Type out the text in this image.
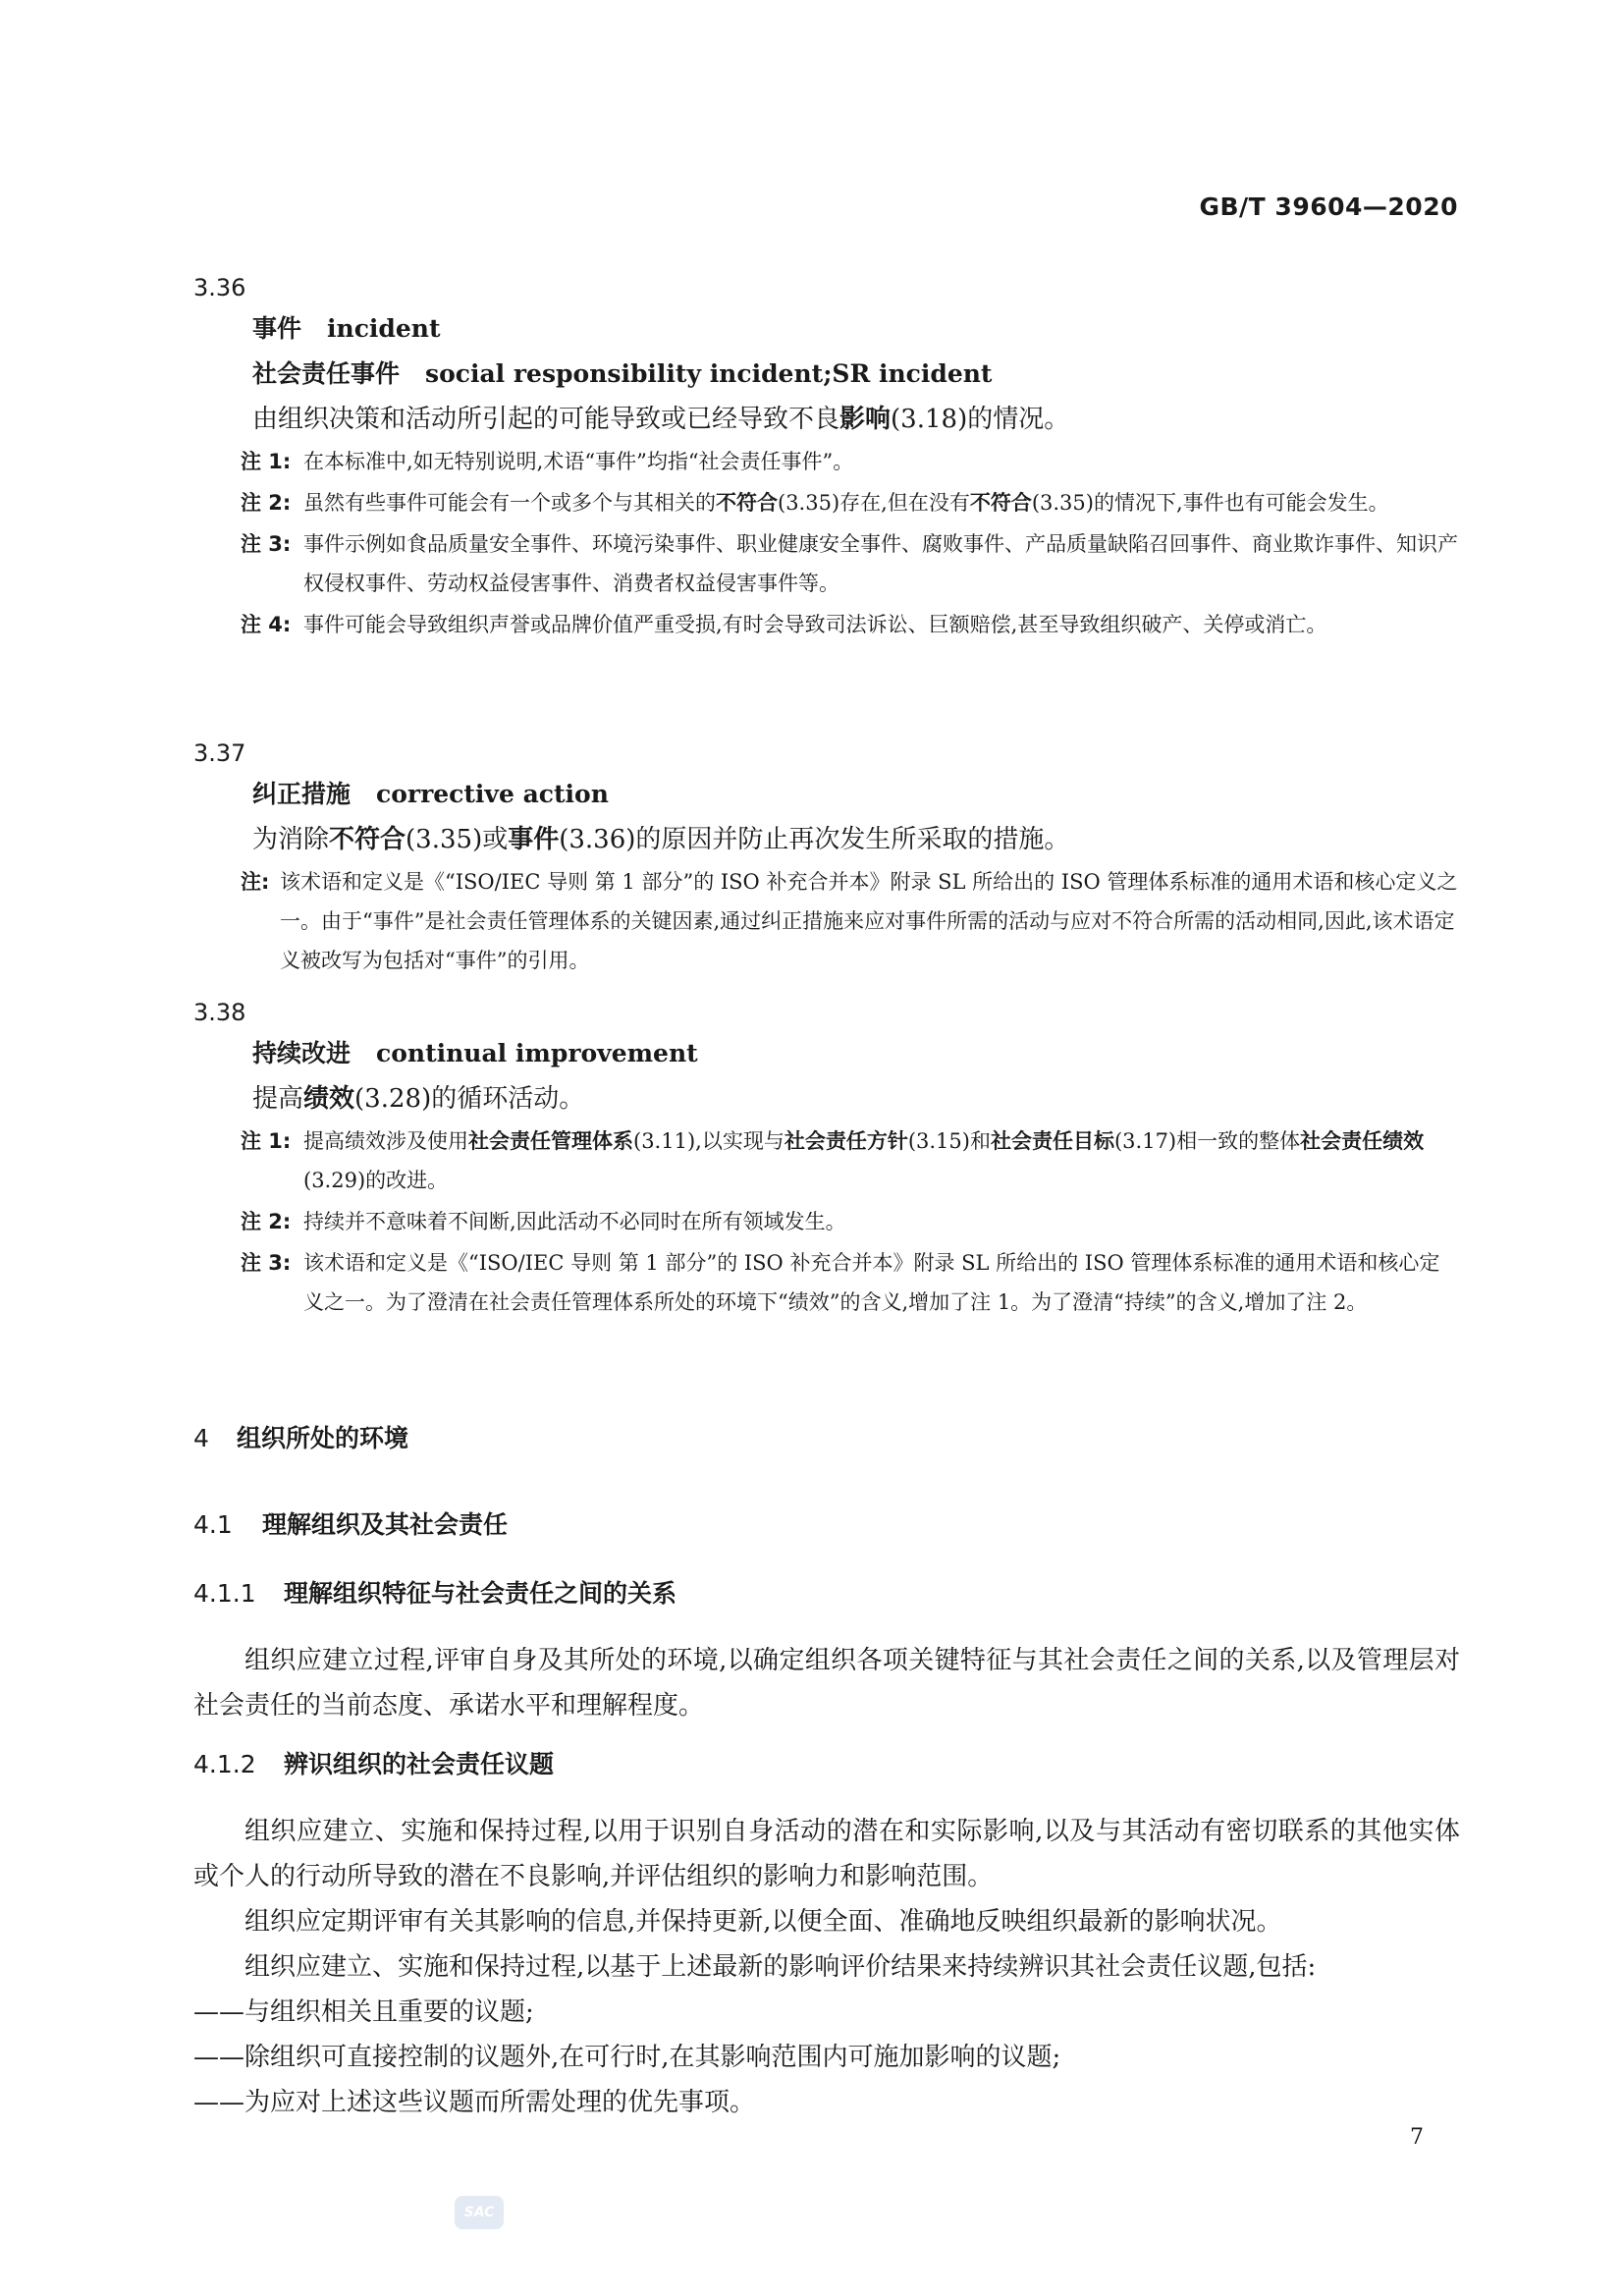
GB/T 39604—2020

3.36

事件 incident
社会责任事件 social responsibility incident;SR incident
由组织决策和活动所引起的可能导致或已经导致不良影响(3.18)的情况。
注 1: 在本标准中,如无特别说明,术语“事件”均指“社会责任事件”。
注 2: 虽然有些事件可能会有一个或多个与其相关的不符合(3.35)存在,但在没有不符合(3.35)的情况下,事件也有可能会发生。
注 3: 事件示例如食品质量安全事件、环境污染事件、职业健康安全事件、腐败事件、产品质量缺陷召回事件、商业欺诈事件、知识产权侵权事件、劳动权益侵害事件、消费者权益侵害事件等。
注 4: 事件可能会导致组织声誉或品牌价值严重受损,有时会导致司法诉讼、巨额赔偿,甚至导致组织破产、关停或消亡。

3.37

纠正措施 corrective action
为消除不符合(3.35)或事件(3.36)的原因并防止再次发生所采取的措施。
注: 该术语和定义是《“ISO/IEC 导则 第 1 部分”的 ISO 补充合并本》附录 SL 所给出的 ISO 管理体系标准的通用术语和核心定义之一。由于“事件”是社会责任管理体系的关键因素,通过纠正措施来应对事件所需的活动与应对不符合所需的活动相同,因此,该术语定义被改写为包括对“事件”的引用。

3.38

持续改进 continual improvement
提高绩效(3.28)的循环活动。
注 1: 提高绩效涉及使用社会责任管理体系(3.11),以实现与社会责任方针(3.15)和社会责任目标(3.17)相一致的整体社会责任绩效(3.29)的改进。
注 2: 持续并不意味着不间断,因此活动不必同时在所有领域发生。
注 3: 该术语和定义是《“ISO/IEC 导则 第 1 部分”的 ISO 补充合并本》附录 SL 所给出的 ISO 管理体系标准的通用术语和核心定义之一。为了澄清在社会责任管理体系所处的环境下“绩效”的含义,增加了注 1。为了澄清“持续”的含义,增加了注 2。
4 组织所处的环境
4.1 理解组织及其社会责任
4.1.1 理解组织特征与社会责任之间的关系

组织应建立过程,评审自身及其所处的环境,以确定组织各项关键特征与其社会责任之间的关系,以及管理层对社会责任的当前态度、承诺水平和理解程度。

4.1.2 辨识组织的社会责任议题

组织应建立、实施和保持过程,以用于识别自身活动的潜在和实际影响,以及与其活动有密切联系的其他实体或个人的行动所导致的潜在不良影响,并评估组织的影响力和影响范围。

组织应定期评审有关其影响的信息,并保持更新,以便全面、准确地反映组织最新的影响状况。

组织应建立、实施和保持过程,以基于上述最新的影响评价结果来持续辨识其社会责任议题,包括:

——与组织相关且重要的议题;

——除组织可直接控制的议题外,在可行时,在其影响范围内可施加影响的议题;

——为应对上述这些议题而所需处理的优先事项。

7
SAC
